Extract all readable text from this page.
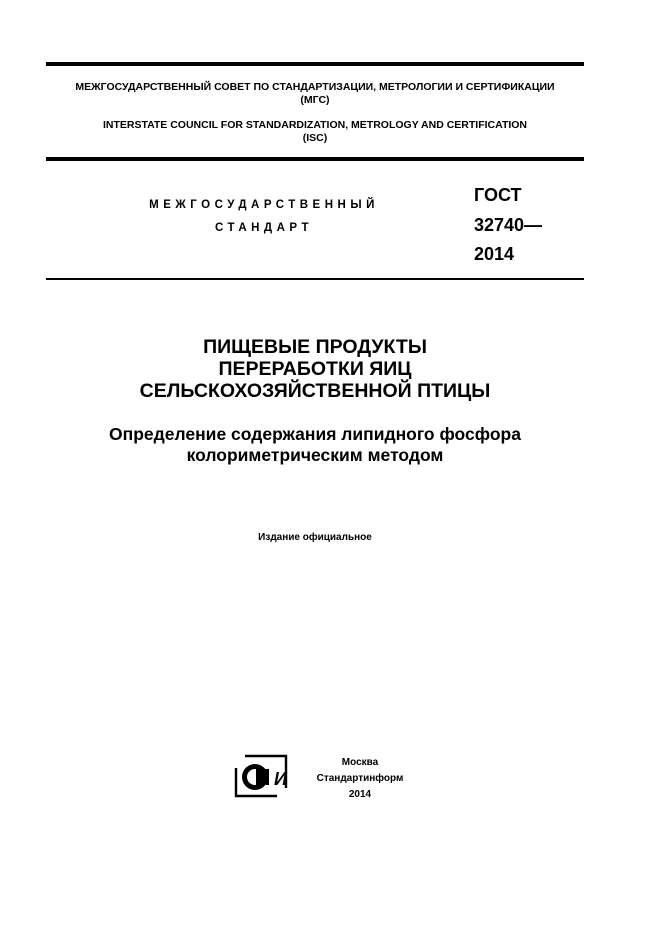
МЕЖГОСУДАРСТВЕННЫЙ СОВЕТ ПО СТАНДАРТИЗАЦИИ, МЕТРОЛОГИИ И СЕРТИФИКАЦИИ
(МГС)
INTERSTATE COUNCIL FOR STANDARDIZATION, METROLOGY AND CERTIFICATION
(ISC)
МЕЖГОСУДАРСТВЕННЫЙ
СТАНДАРТ
ГОСТ
32740—
2014
ПИЩЕВЫЕ ПРОДУКТЫ
ПЕРЕРАБОТКИ ЯИЦ
СЕЛЬСКОХОЗЯЙСТВЕННОЙ ПТИЦЫ
Определение содержания липидного фосфора
колориметрическим методом
Издание официальное
И
Москва
Стандартинформ
2014
